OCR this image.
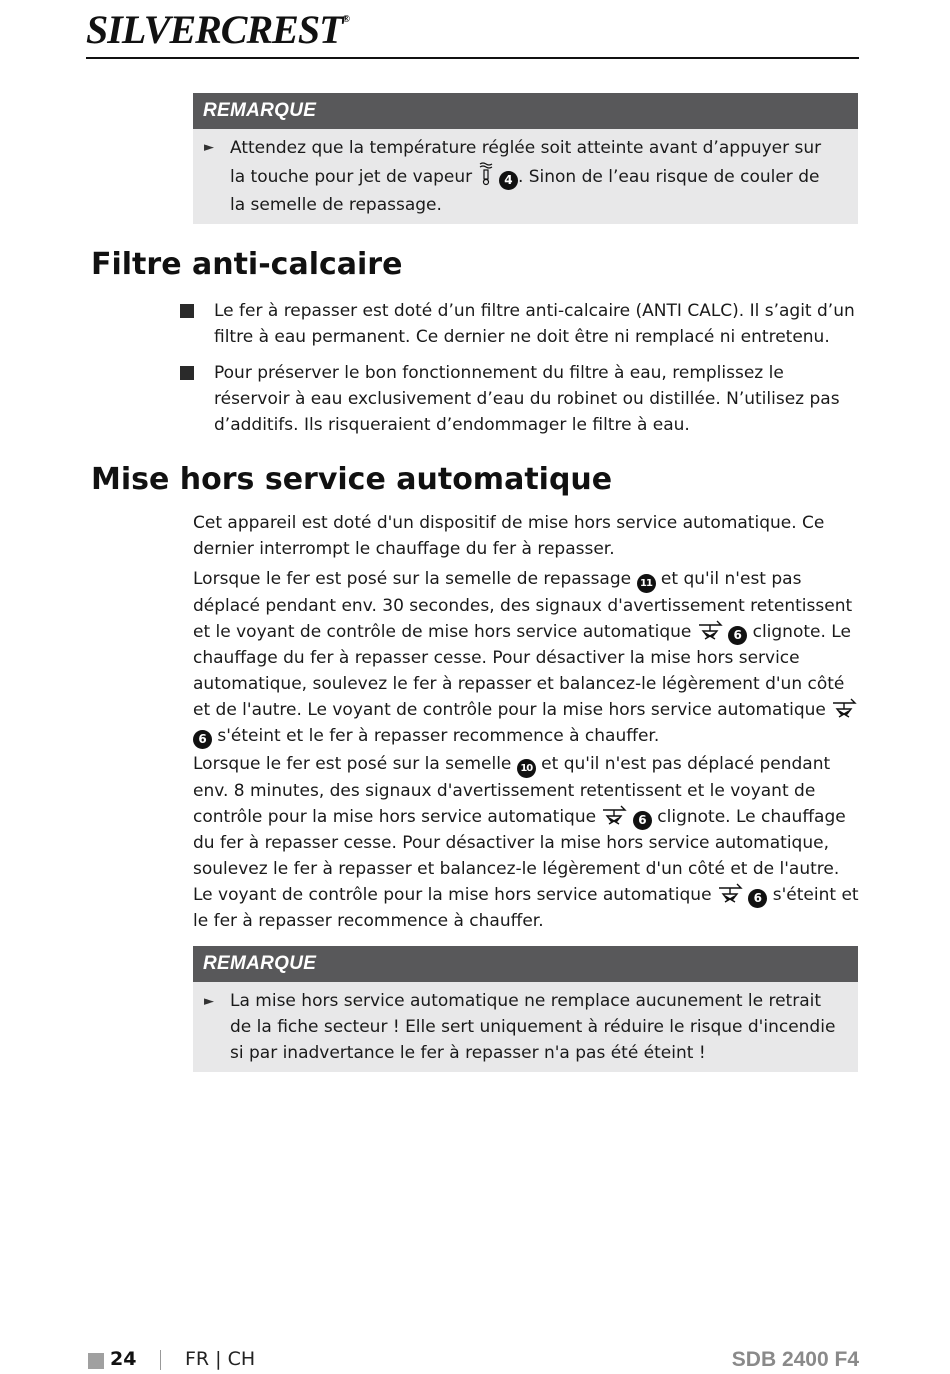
SILVERCREST®
REMARQUE
► Attendez que la température réglée soit atteinte avant d’appuyer sur la touche pour jet de vapeur  4 . Sinon de l’eau risque de couler de la semelle de repassage.
Filtre anti-calcaire
Le fer à repasser est doté d’un filtre anti-calcaire (ANTI CALC). Il s’agit d’un filtre à eau permanent. Ce dernier ne doit être ni remplacé ni entretenu.
Pour préserver le bon fonctionnement du filtre à eau, remplissez le réservoir à eau exclusivement d’eau du robinet ou distillée. N’utilisez pas d’additifs. Ils risqueraient d’endommager le filtre à eau.
Mise hors service automatique

Cet appareil est doté d'un dispositif de mise hors service automatique. Ce dernier interrompt le chauffage du fer à repasser.

Lorsque le fer est posé sur la semelle de repassage 11 et qu'il n'est pas déplacé pendant env. 30 secondes, des signaux d'avertissement retentissent et le voyant de contrôle de mise hors service automatique	6 clignote. Le chauffage du fer à repasser cesse. Pour désactiver la mise hors service automatique, soulevez le fer à repasser et balancez-le légèrement d'un côté et de l'autre. Le voyant de contrôle pour la mise hors service automatique  6 s'éteint et le fer à repasser recommence à chauffer.

Lorsque le fer est posé sur la semelle 10 et qu'il n'est pas déplacé pendant env. 8 minutes, des signaux d'avertissement retentissent et le voyant de contrôle pour la mise hors service automatique	6 clignote. Le chauffage du fer à repasser cesse. Pour désactiver la mise hors service automatique, soulevez le fer à repasser et balancez-le légèrement d'un côté et de l'autre. Le voyant de contrôle pour la mise hors service automatique	6 s'éteint et le fer à repasser recommence à chauffer.

REMARQUE
► La mise hors service automatique ne remplace aucunement le retrait de la fiche secteur ! Elle sert uniquement à réduire le risque d'incendie si par inadvertance le fer à repasser n'a pas été éteint !
24	FR | CH	SDB 2400 F4
